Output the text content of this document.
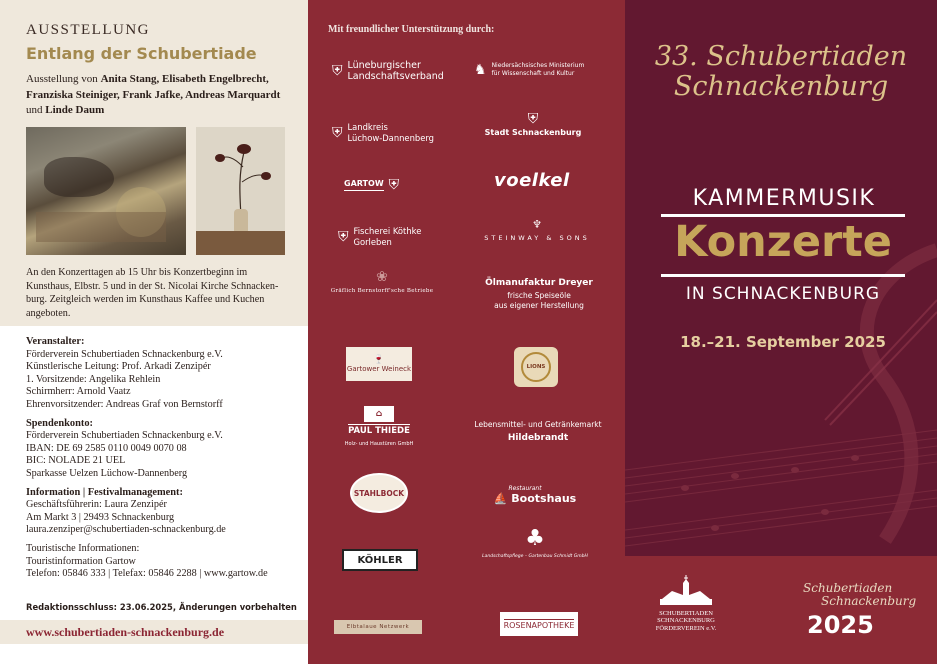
AUSSTELLUNG
Entlang der Schubertiade
Ausstellung von Anita Stang, Elisabeth Engelbrecht,
Franziska Steiniger, Frank Jafke, Andreas Marquardt
und Linde Daum
An den Konzerttagen ab 15 Uhr bis Konzertbeginn im
Kunsthaus, Elbstr. 5 und in der St. Nicolai Kirche Schnacken-
burg. Zeitgleich werden im Kunsthaus Kaffee und Kuchen
angeboten.
Veranstalter:
Förderverein Schubertiaden Schnackenburg e.V.
Künstlerische Leitung: Prof. Arkadi Zenzipér
1. Vorsitzende: Angelika Rehlein
Schirmherr: Arnold Vaatz
Ehrenvorsitzender: Andreas Graf von Bernstorff
Spendenkonto:
Förderverein Schubertiaden Schnackenburg e.V.
IBAN: DE 69 2585 0110 0049 0070 08
BIC: NOLADE 21 UEL
Sparkasse Uelzen Lüchow-Dannenberg
Information | Festivalmanagement:
Geschäftsführerin: Laura Zenzipér
Am Markt 3 | 29493 Schnackenburg
laura.zenziper@schubertiaden-schnackenburg.de
Touristische Informationen:
Touristinformation Gartow
Telefon: 05846 333 | Telefax: 05846 2288 | www.gartow.de
Redaktionsschluss: 23.06.2025, Änderungen vorbehalten
www.schubertiaden-schnackenburg.de
Mit freundlicher Unterstützung durch:
⛨ Lüneburgischer
Landschaftsverband ♞ Niedersächsisches Ministerium
für Wissenschaft und Kultur
⛨ Landkreis
Lüchow-Dannenberg
⛨
Stadt Schnackenburg
GARTOW ⛨	voelkel
⛨ Fischerei Köthke
Gorleben
♆
STEINWAY & SONS
❀
Gräflich Bernstorff'sche Betriebe
Ölmanufaktur Dreyer
frische Speiseöle
aus eigener Herstellung
🍷
Gartower Weineck	LIONS
⌂
PAUL THIEDE
Holz- und Haustüren GmbH
Lebensmittel- und Getränkemarkt
Hildebrandt
STAHLBOCK	Restaurant
⛵ Bootshaus
KÖHLER
♣
Landschaftspflege – Gartenbau Schmidt GmbH
Elbtalaue Netzwerk	ROSENAPOTHEKE
33. Schubertiaden
Schnackenburg
KAMMERMUSIK
Konzerte
IN SCHNACKENBURG
18.–21. September 2025
SCHUBERTIADEN
SCHNACKENBURG
FÖRDERVEREIN e.V.
Schubertiaden
Schnackenburg
2025
